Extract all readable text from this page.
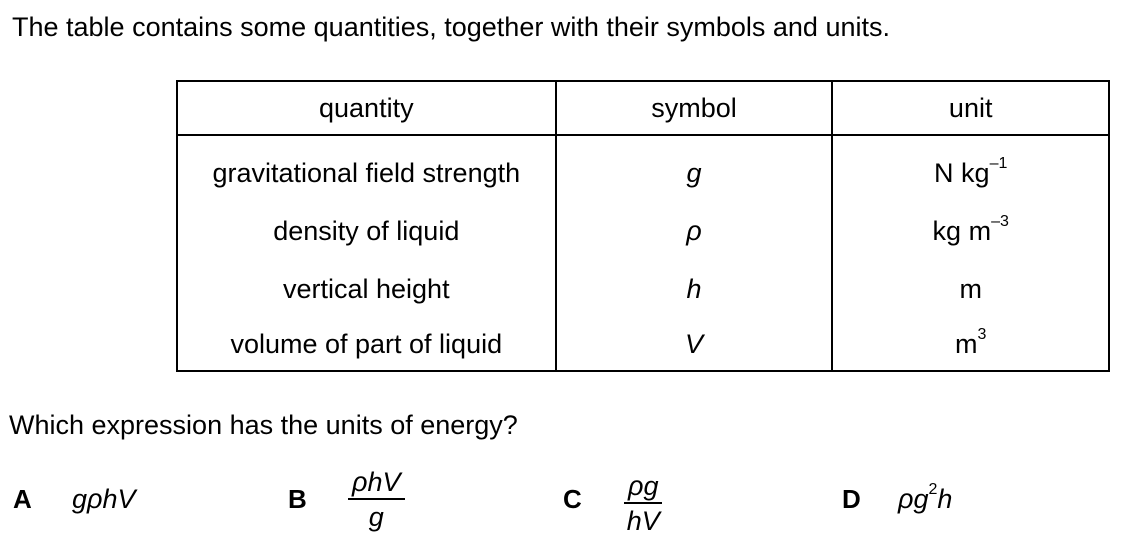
The table contains some quantities, together with their symbols and units.
quantity	symbol	unit
gravitational field strength	g	N $kg^{-1}$
density of liquid	ρ	kg $m^{-3}$
vertical height	h	m
volume of part of liquid	V	$m^3$
Which expression has the units of energy?
A gρhV	B
ρhV
g
C $\frac{\rho g}{hV}$	D $\rho g^2h$
